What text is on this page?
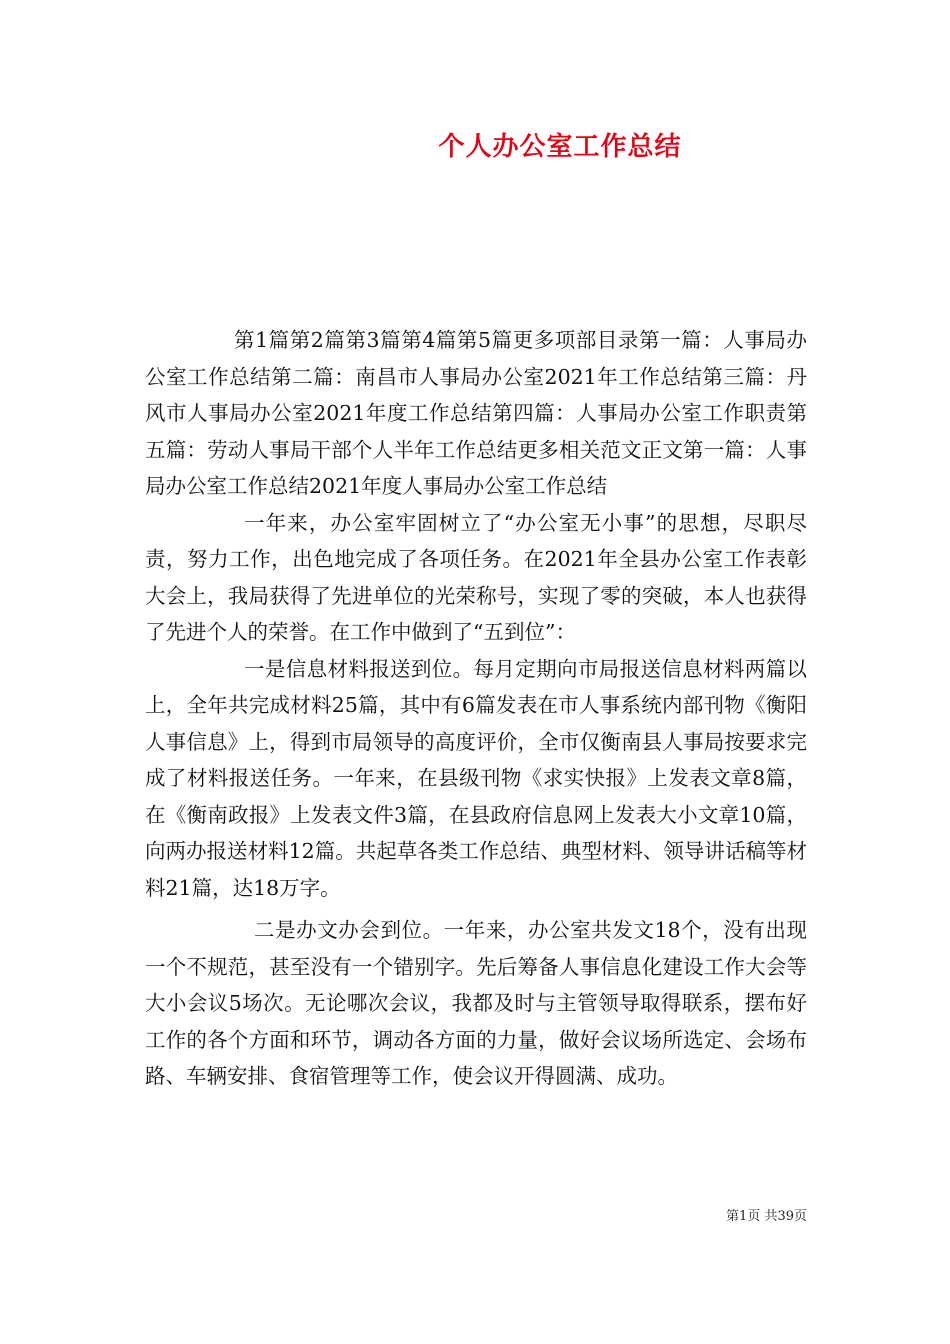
个人办公室工作总结

第1篇第2篇第3篇第4篇第5篇更多项部目录第一篇：人事局办公室工作总结第二篇：南昌市人事局办公室2021年工作总结第三篇：丹风市人事局办公室2021年度工作总结第四篇：人事局办公室工作职责第五篇：劳动人事局干部个人半年工作总结更多相关范文正文第一篇：人事局办公室工作总结2021年度人事局办公室工作总结

一年来，办公室牢固树立了“办公室无小事”的思想，尽职尽责，努力工作，出色地完成了各项任务。在2021年全县办公室工作表彰大会上，我局获得了先进单位的光荣称号，实现了零的突破，本人也获得了先进个人的荣誉。在工作中做到了“五到位”：

一是信息材料报送到位。每月定期向市局报送信息材料两篇以上，全年共完成材料25篇，其中有6篇发表在市人事系统内部刊物《衡阳人事信息》上，得到市局领导的高度评价，全市仅衡南县人事局按要求完成了材料报送任务。一年来，在县级刊物《求实快报》上发表文章8篇，在《衡南政报》上发表文件3篇，在县政府信息网上发表大小文章10篇，向两办报送材料12篇。共起草各类工作总结、典型材料、领导讲话稿等材料21篇，达18万字。

二是办文办会到位。一年来，办公室共发文18个，没有出现一个不规范，甚至没有一个错别字。先后筹备人事信息化建设工作大会等大小会议5场次。无论哪次会议，我都及时与主管领导取得联系，摆布好工作的各个方面和环节，调动各方面的力量，做好会议场所选定、会场布路、车辆安排、食宿管理等工作，使会议开得圆满、成功。

第1页 共39页
